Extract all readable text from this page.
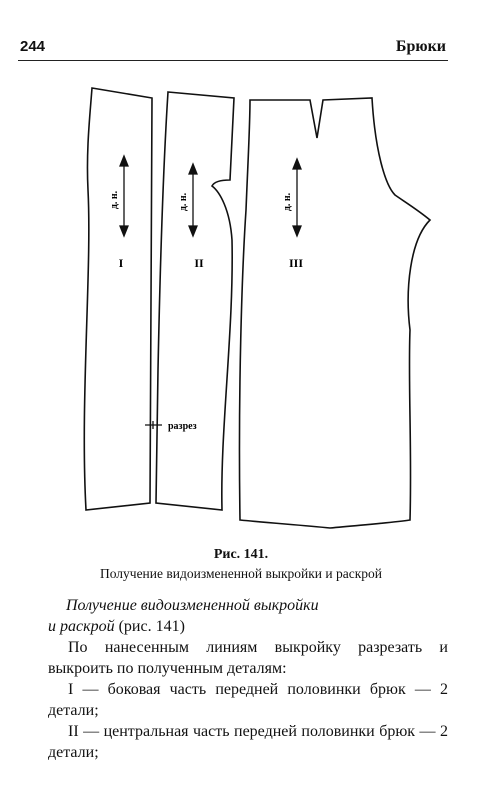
244	Брюки
д. н.	д. н.	д. н.
I	II	III
разрез
Рис. 141.
Получение видоизмененной выкройки и раскрой

Получение видоизмененной выкройки
и раскрой (рис. 141)

По нанесенным линиям выкройку разрезать и выкроить по полученным деталям:

I — боковая часть передней половинки брюк — 2 детали;

II — центральная часть передней половинки брюк — 2 детали;
